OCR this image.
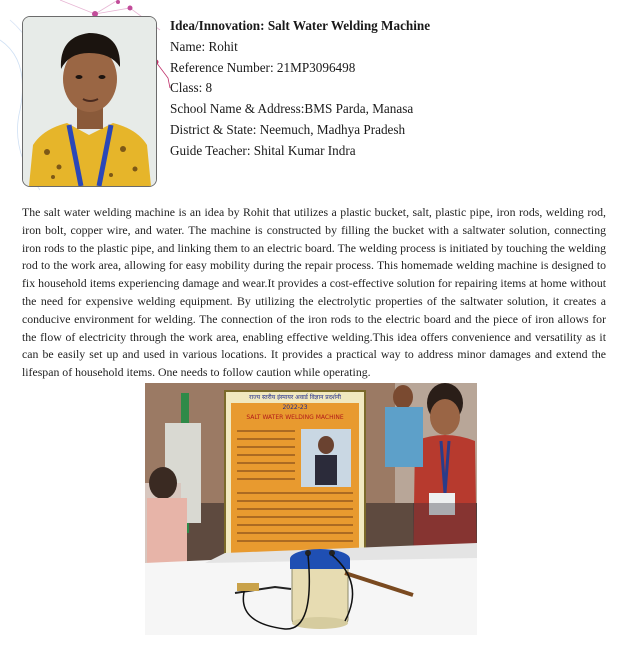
Idea/Innovation: Salt Water Welding Machine
Name: Rohit
Reference Number: 21MP3096498
Class: 8
School Name & Address:BMS Parda, Manasa
District & State: Neemuch, Madhya Pradesh
Guide Teacher: Shital Kumar Indra

The salt water welding machine is an idea by Rohit that utilizes a plastic bucket, salt, plastic pipe, iron rods, welding rod, iron bolt, copper wire, and water. The machine is constructed by filling the bucket with a saltwater solution, connecting iron rods to the plastic pipe, and linking them to an electric board. The welding process is initiated by touching the welding rod to the work area, allowing for easy mobility during the repair process. This homemade welding machine is designed to fix household items experiencing damage and wear.It provides a cost-effective solution for repairing items at home without the need for expensive welding equipment. By utilizing the electrolytic properties of the saltwater solution, it creates a conducive environment for welding. The connection of the iron rods to the electric board and the piece of iron allows for the flow of electricity through the work area, enabling effective welding.This idea offers convenience and versatility as it can be easily set up and used in various locations. It provides a practical way to address minor damages and extend the lifespan of household items. One needs to follow caution while operating.

राज्य स्तरीय इंस्पायर अवार्ड विज्ञान प्रदर्शनी
2022-23
SALT WATER WELDING MACHINE
